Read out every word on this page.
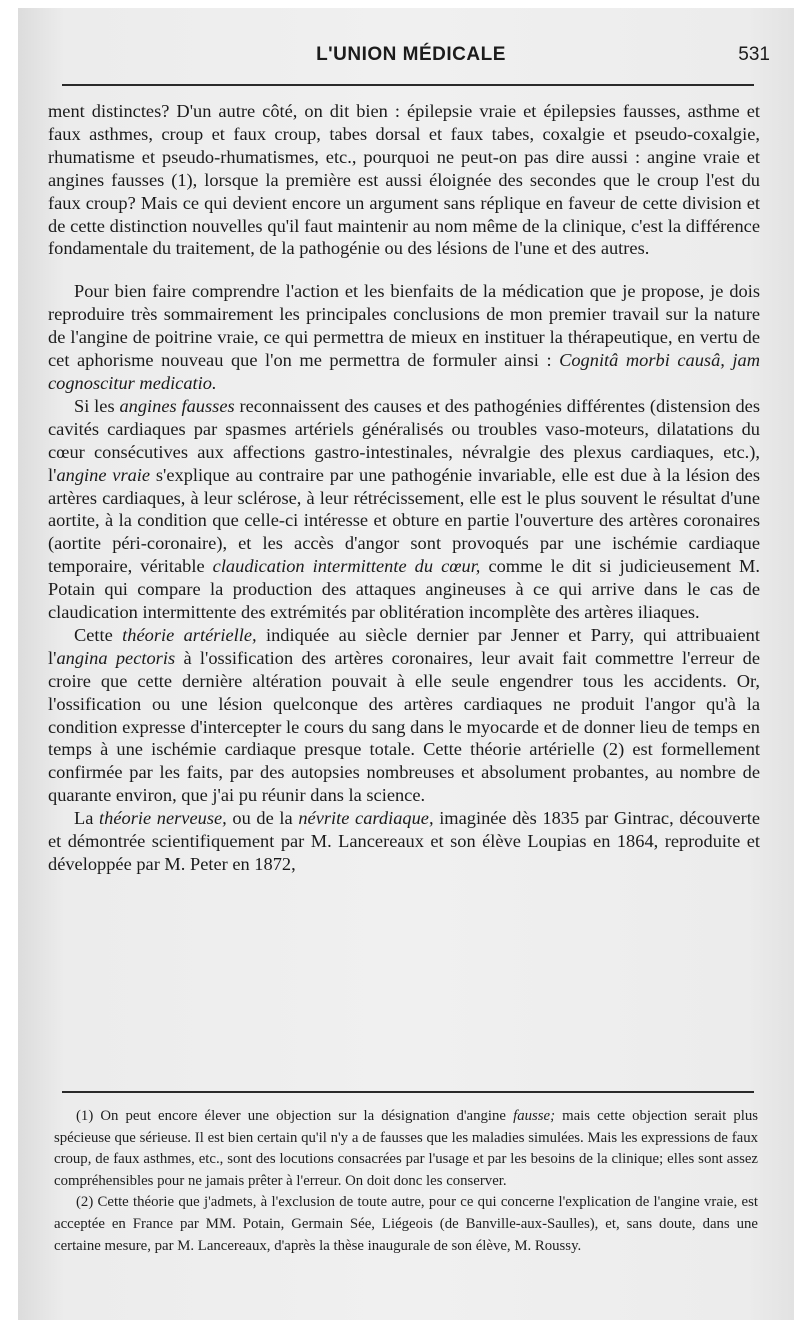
L'UNION MÉDICALE	531

ment distinctes? D'un autre côté, on dit bien : épilepsie vraie et épilepsies fausses, asthme et faux asthmes, croup et faux croup, tabes dorsal et faux tabes, coxalgie et pseudo-coxalgie, rhumatisme et pseudo-rhumatismes, etc., pourquoi ne peut-on pas dire aussi : angine vraie et angines fausses (1), lorsque la première est aussi éloignée des secondes que le croup l'est du faux croup? Mais ce qui devient encore un argument sans réplique en faveur de cette division et de cette distinction nouvelles qu'il faut maintenir au nom même de la clinique, c'est la différence fondamentale du traitement, de la pathogénie ou des lésions de l'une et des autres.

Pour bien faire comprendre l'action et les bienfaits de la médication que je propose, je dois reproduire très sommairement les principales conclusions de mon premier travail sur la nature de l'angine de poitrine vraie, ce qui permettra de mieux en instituer la thérapeutique, en vertu de cet aphorisme nouveau que l'on me permettra de formuler ainsi : Cognitâ morbi causâ, jam cognoscitur medicatio.

Si les angines fausses reconnaissent des causes et des pathogénies différentes (distension des cavités cardiaques par spasmes artériels généralisés ou troubles vaso-moteurs, dilatations du cœur consécutives aux affections gastro-intestinales, névralgie des plexus cardiaques, etc.), l'angine vraie s'explique au contraire par une pathogénie invariable, elle est due à la lésion des artères cardiaques, à leur sclérose, à leur rétrécissement, elle est le plus souvent le résultat d'une aortite, à la condition que celle-ci intéresse et obture en partie l'ouverture des artères coronaires (aortite péri-coronaire), et les accès d'angor sont provoqués par une ischémie cardiaque temporaire, véritable claudication intermittente du cœur, comme le dit si judicieusement M. Potain qui compare la production des attaques angineuses à ce qui arrive dans le cas de claudication intermittente des extrémités par oblitération incomplète des artères iliaques.

Cette théorie artérielle, indiquée au siècle dernier par Jenner et Parry, qui attribuaient l'angina pectoris à l'ossification des artères coronaires, leur avait fait commettre l'erreur de croire que cette dernière altération pouvait à elle seule engendrer tous les accidents. Or, l'ossification ou une lésion quelconque des artères cardiaques ne produit l'angor qu'à la condition expresse d'intercepter le cours du sang dans le myocarde et de donner lieu de temps en temps à une ischémie cardiaque presque totale. Cette théorie artérielle (2) est formellement confirmée par les faits, par des autopsies nombreuses et absolument probantes, au nombre de quarante environ, que j'ai pu réunir dans la science.

La théorie nerveuse, ou de la névrite cardiaque, imaginée dès 1835 par Gintrac, découverte et démontrée scientifiquement par M. Lancereaux et son élève Loupias en 1864, reproduite et développée par M. Peter en 1872,

(1) On peut encore élever une objection sur la désignation d'angine fausse; mais cette objection serait plus spécieuse que sérieuse. Il est bien certain qu'il n'y a de fausses que les maladies simulées. Mais les expressions de faux croup, de faux asthmes, etc., sont des locutions consacrées par l'usage et par les besoins de la clinique; elles sont assez compréhensibles pour ne jamais prêter à l'erreur. On doit donc les conserver.

(2) Cette théorie que j'admets, à l'exclusion de toute autre, pour ce qui concerne l'explication de l'angine vraie, est acceptée en France par MM. Potain, Germain Sée, Liégeois (de Banville-aux-Saulles), et, sans doute, dans une certaine mesure, par M. Lancereaux, d'après la thèse inaugurale de son élève, M. Roussy.
